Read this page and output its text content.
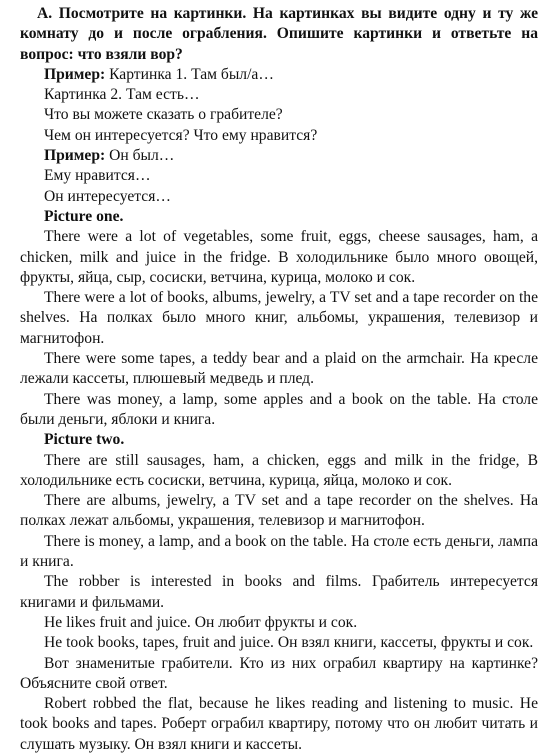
A. Посмотрите на картинки. На картинках вы видите одну и ту же комнату до и после ограбления. Опишите картинки и ответьте на вопрос: что взяли вор?

Пример: Картинка 1. Там был/а…

Картинка 2. Там есть…

Что вы можете сказать о грабителе?

Чем он интересуется? Что ему нравится?

Пример: Он был…

Ему нравится…

Он интересуется…

Picture one.

There were a lot of vegetables, some fruit, eggs, cheese sausages, ham, a chicken, milk and juice in the fridge. В холодильнике было много овощей, фрукты, яйца, сыр, сосиски, ветчина, курица, молоко и сок.

There were a lot of books, albums, jewelry, a TV set and a tape recorder on the shelves. На полках было много книг, альбомы, украшения, телевизор и магнитофон.

There were some tapes, a teddy bear and a plaid on the armchair. На кресле лежали кассеты, плюшевый медведь и плед.

There was money, a lamp, some apples and a book on the table. На столе были деньги, яблоки и книга.

Picture two.

There are still sausages, ham, a chicken, eggs and milk in the fridge, В холодильнике есть сосиски, ветчина, курица, яйца, молоко и сок.

There are albums, jewelry, a TV set and a tape recorder on the shelves. На полках лежат альбомы, украшения, телевизор и магнитофон.

There is money, a lamp, and a book on the table. На столе есть деньги, лампа и книга.

The robber is interested in books and films. Грабитель интересуется книгами и фильмами.

He likes fruit and juice. Он любит фрукты и сок.

He took books, tapes, fruit and juice. Он взял книги, кассеты, фрукты и сок.

Вот знаменитые грабители. Кто из них ограбил квартиру на картинке? Объясните свой ответ.

Robert robbed the flat, because he likes reading and listening to music. He took books and tapes. Роберт ограбил квартиру, потому что он любит читать и слушать музыку. Он взял книги и кассеты.
